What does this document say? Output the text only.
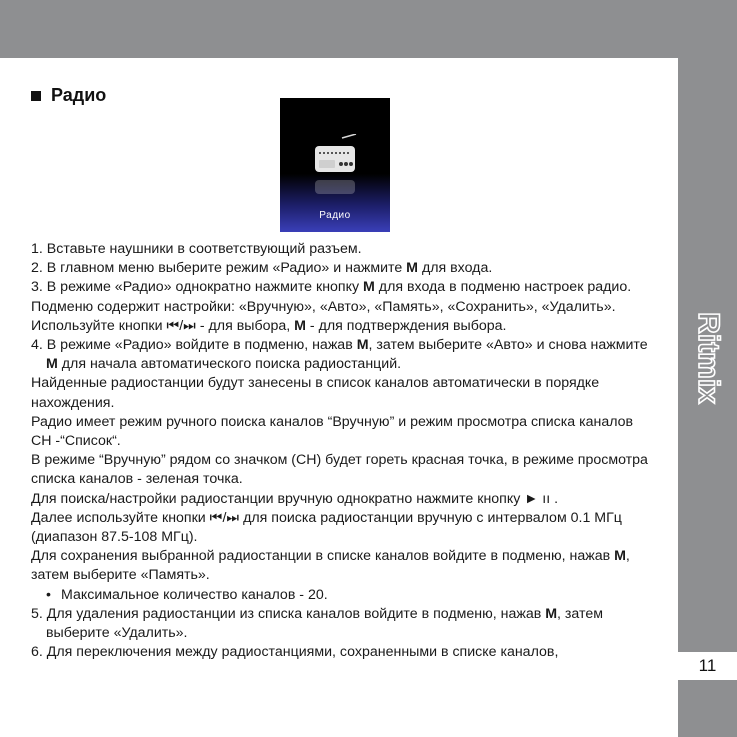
Ritmix
11
Радио
Радио

1. Вставьте наушники в соответствующий разъем.

2. В главном меню выберите режим «Радио» и нажмите M для входа.

3. В режиме «Радио» однократно нажмите кнопку M для входа в подменю настроек радио.

Подменю содержит настройки: «Вручную», «Авто», «Память», «Сохранить», «Удалить».

Используйте кнопки ⏮/⏭ - для выбора, M - для подтверждения выбора.

4. В режиме «Радио» войдите в подменю, нажав M, затем выберите «Авто» и снова нажмите M для начала автоматического поиска радиостанций.

Найденные радиостанции будут занесены в список каналов автоматически в порядке нахождения.

Радио имеет режим ручного поиска каналов “Вручную” и режим просмотра списка каналов СН -“Список“.

В режиме “Вручную” рядом со значком (СН) будет гореть красная точка, в режиме просмотра списка каналов - зеленая точка.

Для поиска/настройки радиостанции вручную однократно нажмите кнопку ► ıı .

Далее используйте кнопки ⏮/⏭ для поиска радиостанции вручную с интервалом 0.1 МГц (диапазон 87.5-108 МГц).

Для сохранения выбранной радиостанции в списке каналов войдите в подменю, нажав M, затем выберите «Память».

• Максимальное количество каналов - 20.

5. Для удаления радиостанции из списка каналов войдите в подменю, нажав M, затем выберите «Удалить».

6. Для переключения между радиостанциями, сохраненными в списке каналов,
